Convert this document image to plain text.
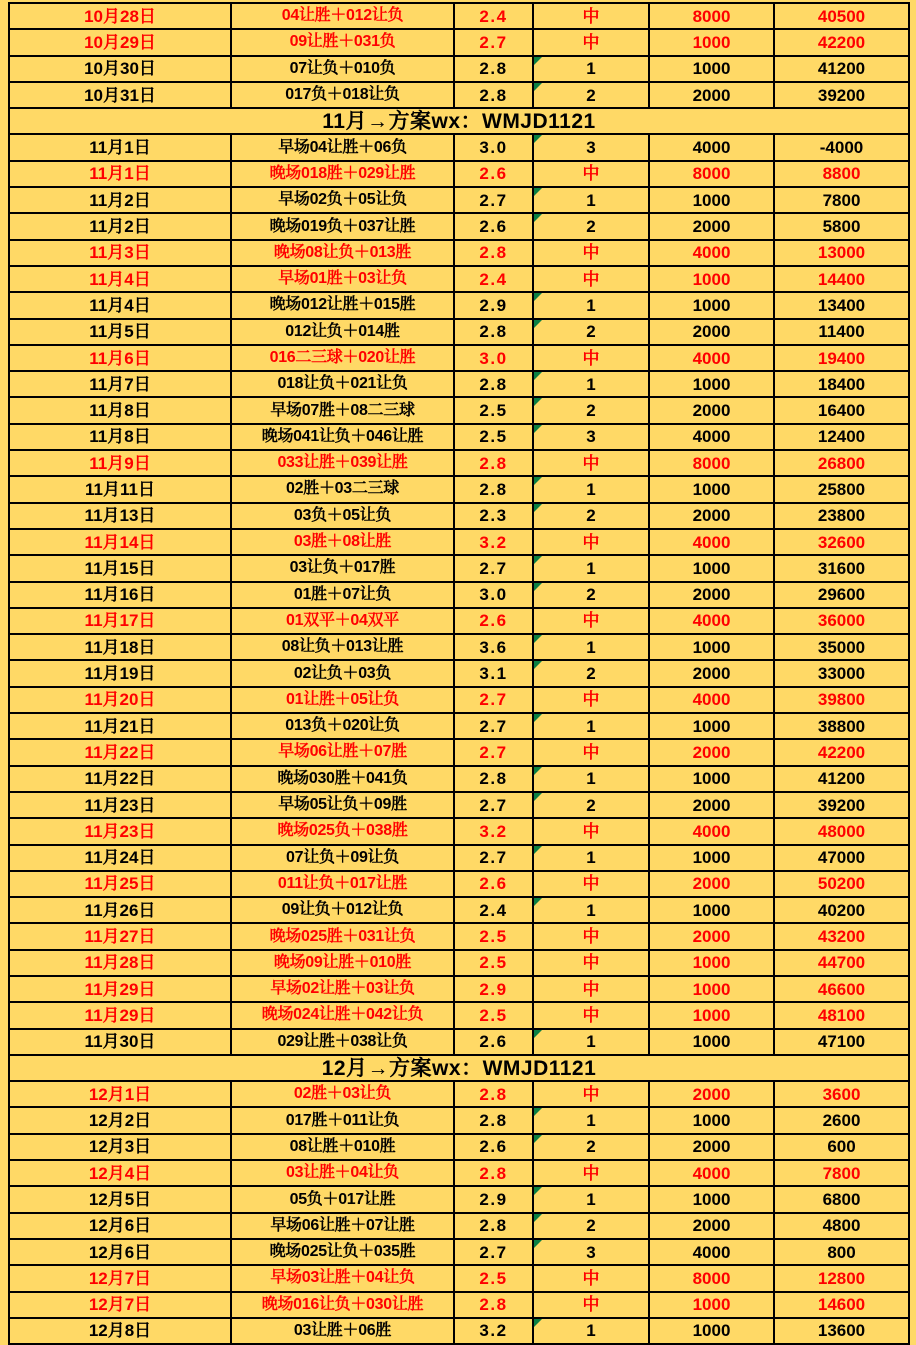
10月28日	04让胜＋012让负	2.4	中	8000	40500
10月29日	09让胜＋031负	2.7	中	1000	42200
10月30日	07让负＋010负	2.8	1	1000	41200
10月31日	017负＋018让负	2.8	2	2000	39200
11月→方案wx：WMJD1121					
11月1日	早场04让胜＋06负	3.0	3	4000	-4000
11月1日	晚场018胜＋029让胜	2.6	中	8000	8800
11月2日	早场02负＋05让负	2.7	1	1000	7800
11月2日	晚场019负＋037让胜	2.6	2	2000	5800
11月3日	晚场08让负＋013胜	2.8	中	4000	13000
11月4日	早场01胜＋03让负	2.4	中	1000	14400
11月4日	晚场012让胜＋015胜	2.9	1	1000	13400
11月5日	012让负＋014胜	2.8	2	2000	11400
11月6日	016二三球＋020让胜	3.0	中	4000	19400
11月7日	018让负＋021让负	2.8	1	1000	18400
11月8日	早场07胜＋08二三球	2.5	2	2000	16400
11月8日	晚场041让负＋046让胜	2.5	3	4000	12400
11月9日	033让胜＋039让胜	2.8	中	8000	26800
11月11日	02胜＋03二三球	2.8	1	1000	25800
11月13日	03负＋05让负	2.3	2	2000	23800
11月14日	03胜＋08让胜	3.2	中	4000	32600
11月15日	03让负＋017胜	2.7	1	1000	31600
11月16日	01胜＋07让负	3.0	2	2000	29600
11月17日	01双平＋04双平	2.6	中	4000	36000
11月18日	08让负＋013让胜	3.6	1	1000	35000
11月19日	02让负＋03负	3.1	2	2000	33000
11月20日	01让胜＋05让负	2.7	中	4000	39800
11月21日	013负＋020让负	2.7	1	1000	38800
11月22日	早场06让胜＋07胜	2.7	中	2000	42200
11月22日	晚场030胜＋041负	2.8	1	1000	41200
11月23日	早场05让负＋09胜	2.7	2	2000	39200
11月23日	晚场025负＋038胜	3.2	中	4000	48000
11月24日	07让负＋09让负	2.7	1	1000	47000
11月25日	011让负＋017让胜	2.6	中	2000	50200
11月26日	09让负＋012让负	2.4	1	1000	40200
11月27日	晚场025胜＋031让负	2.5	中	2000	43200
11月28日	晚场09让胜＋010胜	2.5	中	1000	44700
11月29日	早场02让胜＋03让负	2.9	中	1000	46600
11月29日	晚场024让胜＋042让负	2.5	中	1000	48100
11月30日	029让胜＋038让负	2.6	1	1000	47100
12月→方案wx：WMJD1121					
12月1日	02胜＋03让负	2.8	中	2000	3600
12月2日	017胜＋011让负	2.8	1	1000	2600
12月3日	08让胜＋010胜	2.6	2	2000	600
12月4日	03让胜＋04让负	2.8	中	4000	7800
12月5日	05负＋017让胜	2.9	1	1000	6800
12月6日	早场06让胜＋07让胜	2.8	2	2000	4800
12月6日	晚场025让负＋035胜	2.7	3	4000	800
12月7日	早场03让胜＋04让负	2.5	中	8000	12800
12月7日	晚场016让负＋030让胜	2.8	中	1000	14600
12月8日	03让胜＋06胜	3.2	1	1000	13600
